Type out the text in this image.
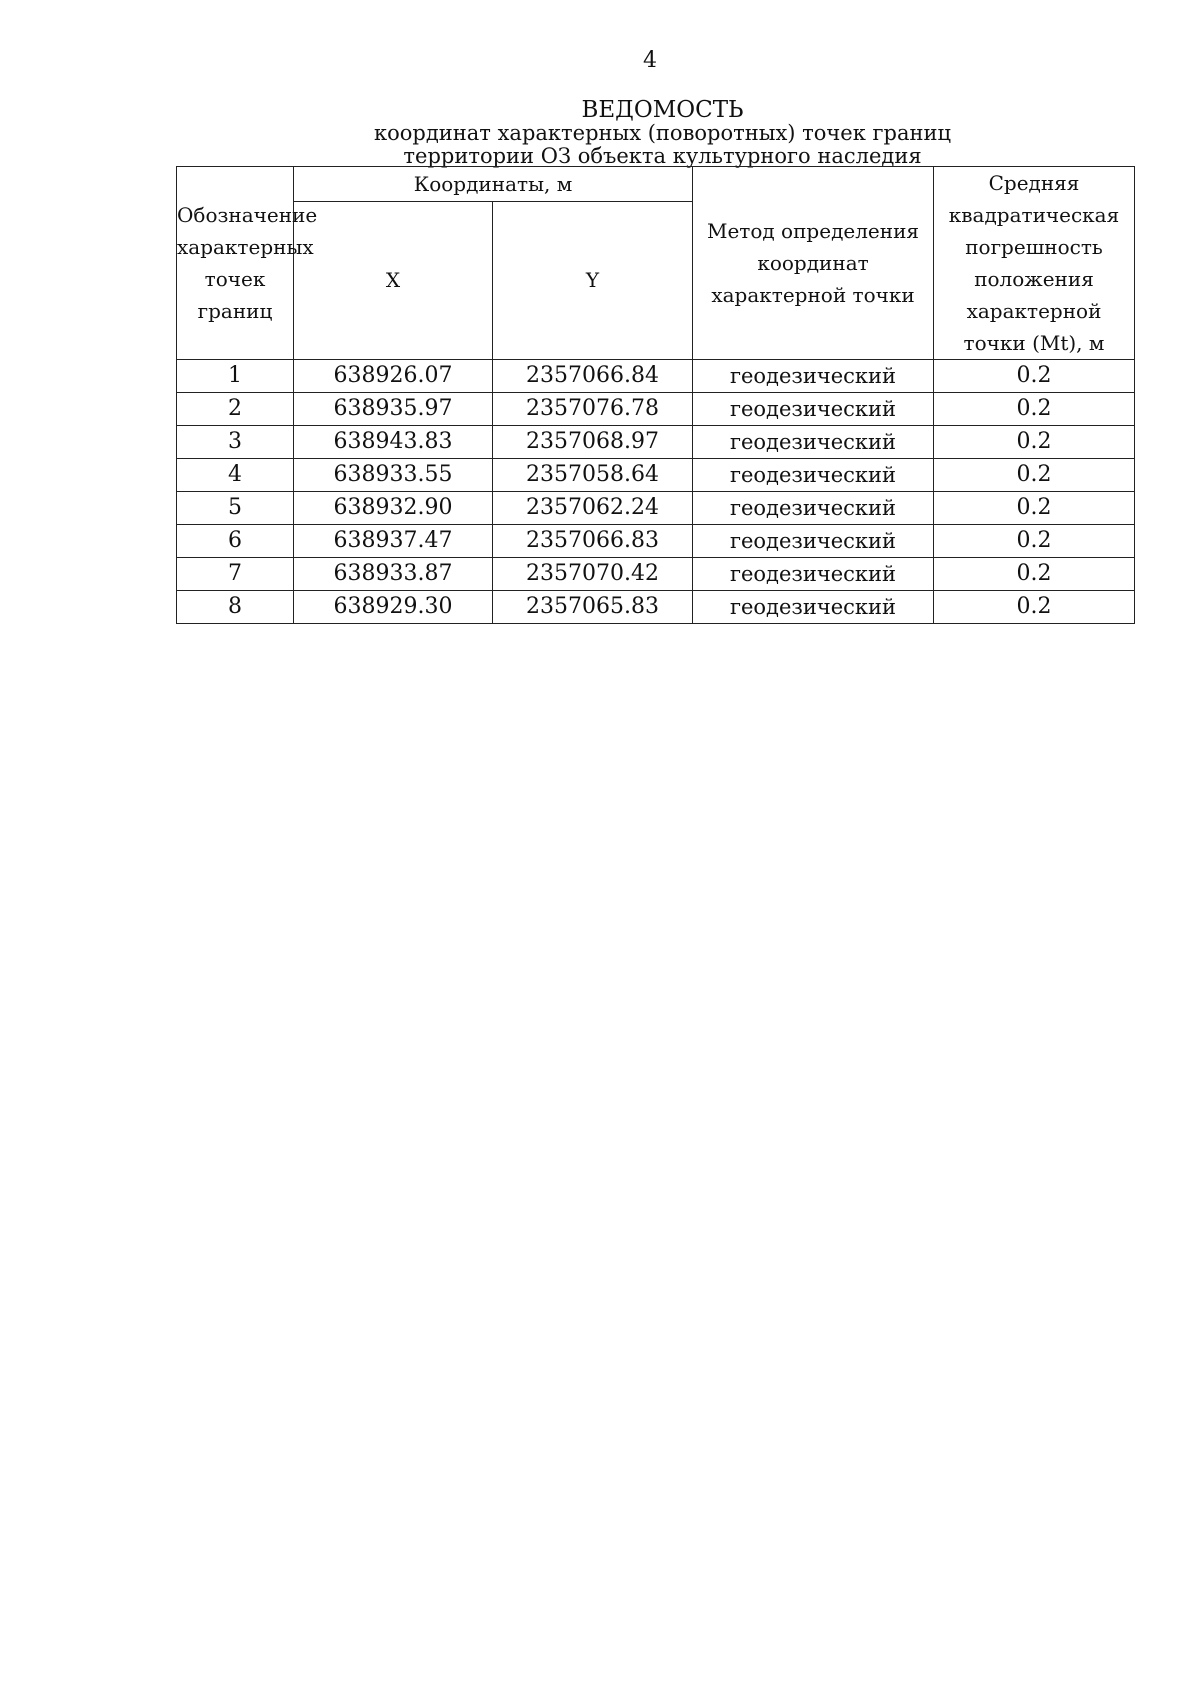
4
ВЕДОМОСТЬ
координат характерных (поворотных) точек границ
территории ОЗ объекта культурного наследия
Обозначение характерных точек границ	Координаты, м		Метод определения координат характерной точки	Средняя квадратическая погрешность положения характерной точки (Mt), м
	X	Y		
1	638926.07	2357066.84	геодезический	0.2
2	638935.97	2357076.78	геодезический	0.2
3	638943.83	2357068.97	геодезический	0.2
4	638933.55	2357058.64	геодезический	0.2
5	638932.90	2357062.24	геодезический	0.2
6	638937.47	2357066.83	геодезический	0.2
7	638933.87	2357070.42	геодезический	0.2
8	638929.30	2357065.83	геодезический	0.2
